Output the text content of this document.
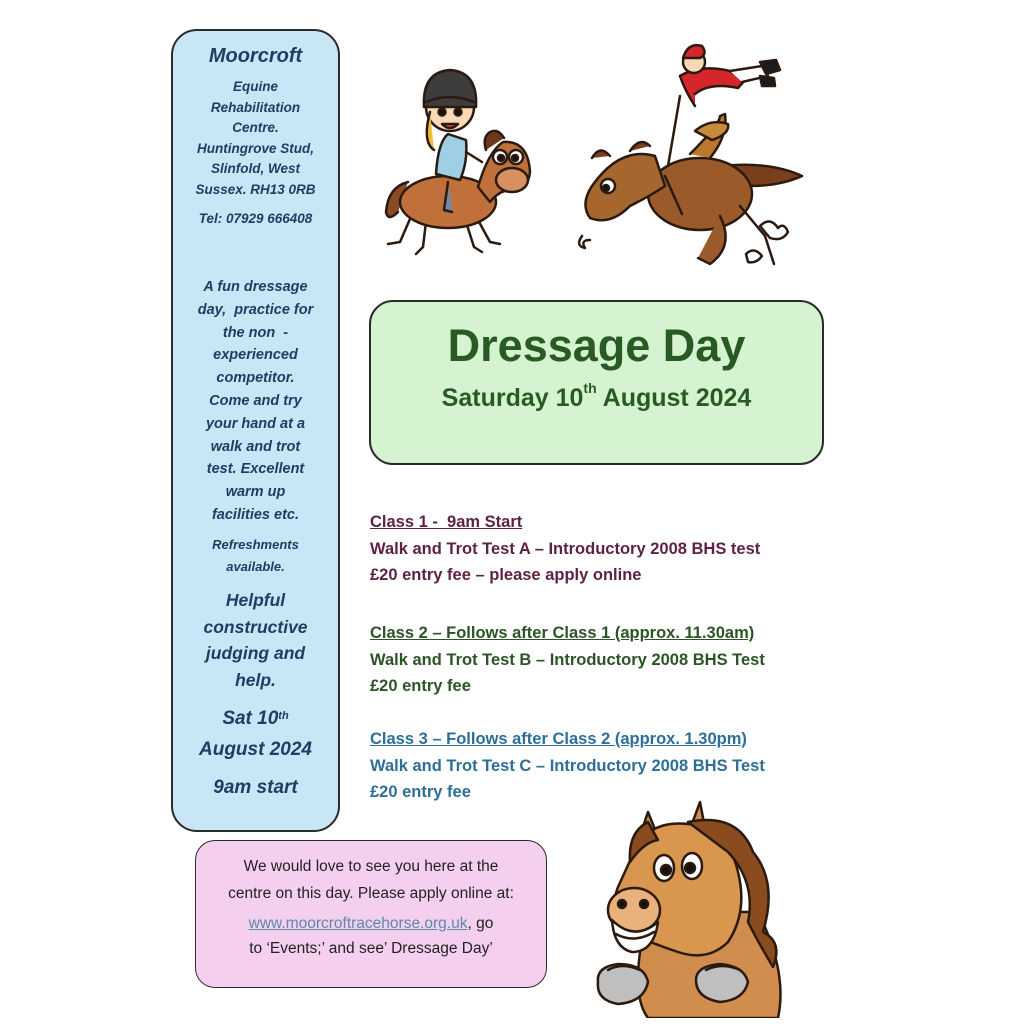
Moorcroft
Equine
Rehabilitation
Centre.
Huntingrove Stud,
Slinfold, West
Sussex. RH13 0RB
Tel: 07929 666408
A fun dressage
day,  practice for
the non  -
experienced
competitor.
Come and try
your hand at a
walk and trot
test. Excellent
warm up
facilities etc.
Refreshments
available.
Helpful
constructive
judging and
help.
Sat 10th
August 2024
9am start
Dressage Day
Saturday 10th August 2024
Class 1 -  9am Start
Walk and Trot Test A – Introductory 2008 BHS test
£20 entry fee – please apply online
Class 2 – Follows after Class 1 (approx. 11.30am)
Walk and Trot Test B – Introductory 2008 BHS Test
£20 entry fee
Class 3 – Follows after Class 2 (approx. 1.30pm)
Walk and Trot Test C – Introductory 2008 BHS Test
£20 entry fee
We would love to see you here at the
centre on this day. Please apply online at:
www.moorcroftracehorse.org.uk, go
to ‘Events;’ and see’ Dressage Day’
